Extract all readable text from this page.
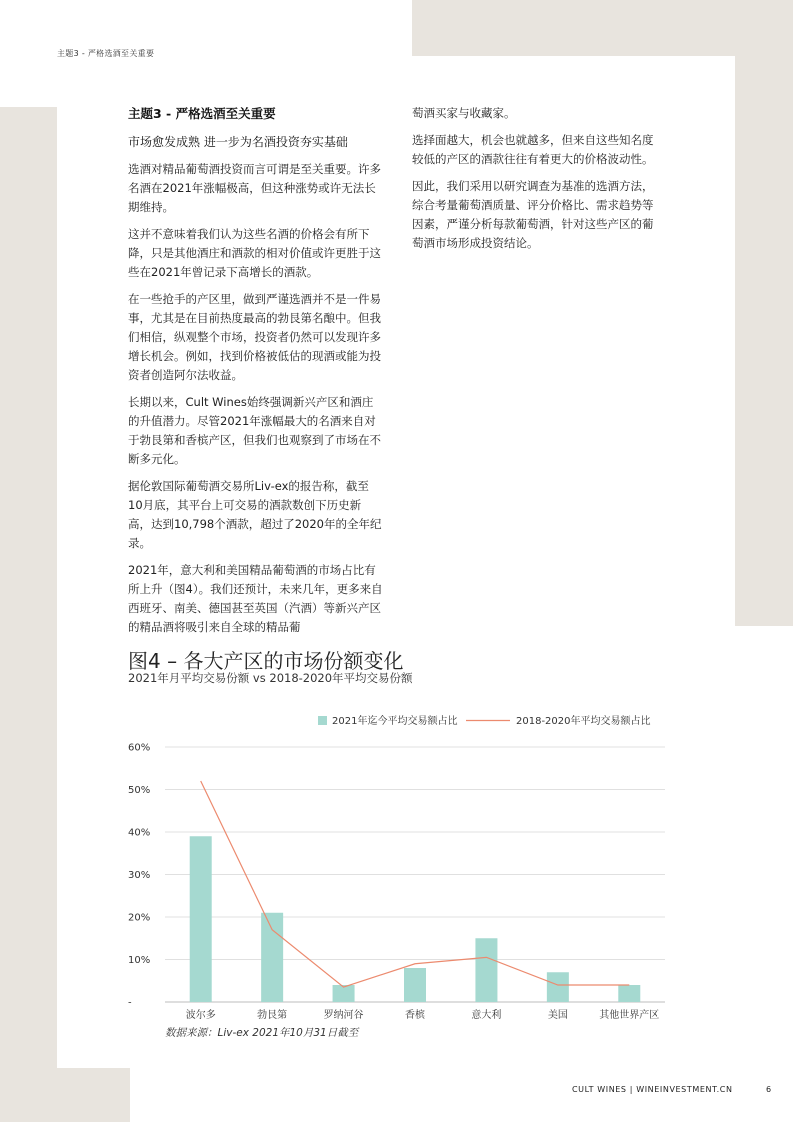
主题3 - 严格选酒至关重要

主题3 - 严格选酒至关重要

市场愈发成熟 进一步为名酒投资夯实基础

选酒对精品葡萄酒投资而言可谓是至关重要。许多名酒在2021年涨幅极高，但这种涨势或许无法长期维持。

这并不意味着我们认为这些名酒的价格会有所下降，只是其他酒庄和酒款的相对价值或许更胜于这些在2021年曾记录下高增长的酒款。

在一些抢手的产区里，做到严谨选酒并不是一件易事，尤其是在目前热度最高的勃艮第名酿中。但我们相信，纵观整个市场，投资者仍然可以发现许多增长机会。例如，找到价格被低估的现酒或能为投资者创造阿尔法收益。

长期以来，Cult Wines始终强调新兴产区和酒庄的升值潜力。尽管2021年涨幅最大的名酒来自对于勃艮第和香槟产区，但我们也观察到了市场在不断多元化。

据伦敦国际葡萄酒交易所Liv-ex的报告称，截至10月底，其平台上可交易的酒款数创下历史新高，达到10,798个酒款，超过了2020年的全年纪录。

2021年，意大利和美国精品葡萄酒的市场占比有所上升（图4）。我们还预计，未来几年，更多来自西班牙、南美、德国甚至英国（汽酒）等新兴产区的精品酒将吸引来自全球的精品葡

萄酒买家与收藏家。

选择面越大，机会也就越多，但来自这些知名度较低的产区的酒款往往有着更大的价格波动性。

因此，我们采用以研究调查为基准的选酒方法，综合考量葡萄酒质量、评分价格比、需求趋势等因素，严谨分析每款葡萄酒，针对这些产区的葡萄酒市场形成投资结论。

图4 – 各大产区的市场份额变化
2021年月平均交易份额 vs 2018-2020年平均交易份额
-
10%
20%
30%
40%
50%
60%
波尔多	勃艮第	罗纳河谷	香槟	意大利	美国	其他世界产区
2021年迄今平均交易额占比	2018-2020年平均交易额占比
数据来源：Liv-ex 2021年10月31日截至
CULT WINES | WINEINVESTMENT.CN	6
